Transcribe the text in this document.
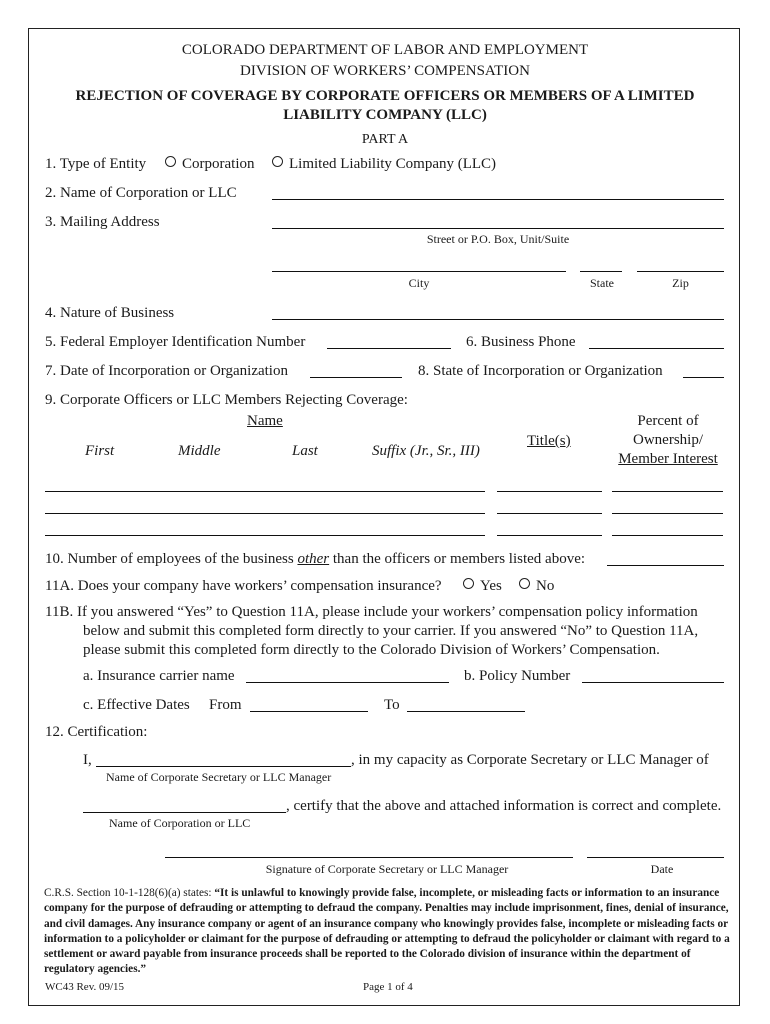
COLORADO DEPARTMENT OF LABOR AND EMPLOYMENT
DIVISION OF WORKERS’ COMPENSATION
REJECTION OF COVERAGE BY CORPORATE OFFICERS OR MEMBERS OF A LIMITED
LIABILITY COMPANY (LLC)
PART A
1. Type of Entity	Corporation	Limited Liability Company (LLC)
2. Name of Corporation or LLC
3. Mailing Address
Street or P.O. Box, Unit/Suite
City	State	Zip
4. Nature of Business
5. Federal Employer Identification Number	6. Business Phone
7. Date of Incorporation or Organization	8. State of Incorporation or Organization
9. Corporate Officers or LLC Members Rejecting Coverage:
Name
First	Middle	Last	Suffix (Jr., Sr., III)
Title(s)
Percent of
Ownership/
Member Interest
10. Number of employees of the business other than the officers or members listed above:
11A. Does your company have workers’ compensation insurance?	Yes	No
11B. If you answered “Yes” to Question 11A, please include your workers’ compensation policy information
below and submit this completed form directly to your carrier. If you answered “No” to Question 11A,
please submit this completed form directly to the Colorado Division of Workers’ Compensation.
a. Insurance carrier name	b. Policy Number
c. Effective Dates From	To
12. Certification:
I,	, in my capacity as Corporate Secretary or LLC Manager of
Name of Corporate Secretary or LLC Manager
, certify that the above and attached information is correct and complete.
Name of Corporation or LLC
Signature of Corporate Secretary or LLC Manager	Date
C.R.S. Section 10-1-128(6)(a) states: “It is unlawful to knowingly provide false, incomplete, or misleading facts or information to an insurance company for the purpose of defrauding or attempting to defraud the company. Penalties may include imprisonment, fines, denial of insurance, and civil damages. Any insurance company or agent of an insurance company who knowingly provides false, incomplete or misleading facts or information to a policyholder or claimant for the purpose of defrauding or attempting to defraud the policyholder or claimant with regard to a settlement or award payable from insurance proceeds shall be reported to the Colorado division of insurance within the department of regulatory agencies.”
WC43 Rev. 09/15	Page 1 of 4
